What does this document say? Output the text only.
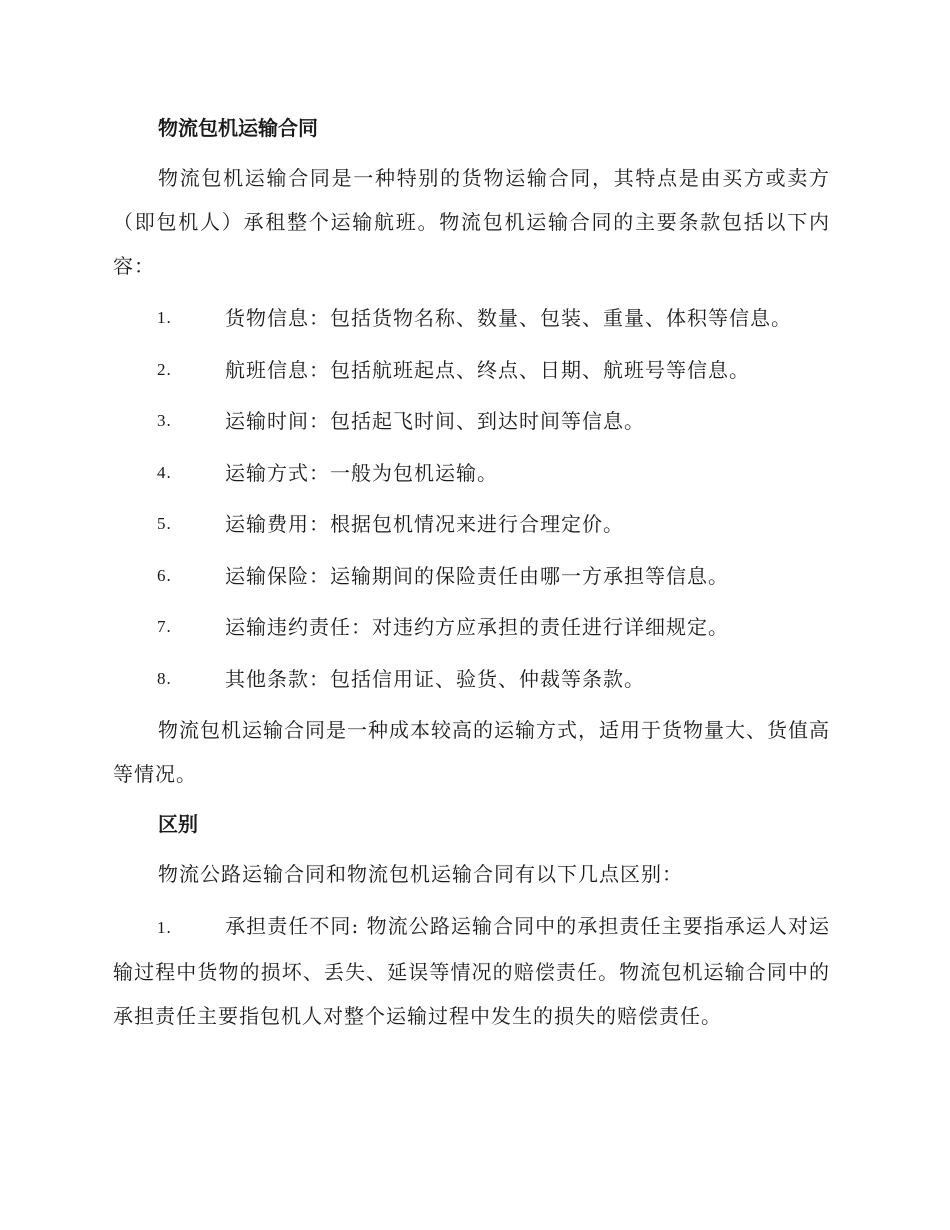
物流包机运输合同

物流包机运输合同是一种特别的货物运输合同，其特点是由买方或卖方（即包机人）承租整个运输航班。物流包机运输合同的主要条款包括以下内容：

1.	货物信息：包括货物名称、数量、包装、重量、体积等信息。
2.	航班信息：包括航班起点、终点、日期、航班号等信息。
3.	运输时间：包括起飞时间、到达时间等信息。
4.	运输方式：一般为包机运输。
5.	运输费用：根据包机情况来进行合理定价。
6.	运输保险：运输期间的保险责任由哪一方承担等信息。
7.	运输违约责任：对违约方应承担的责任进行详细规定。
8.	其他条款：包括信用证、验货、仲裁等条款。

物流包机运输合同是一种成本较高的运输方式，适用于货物量大、货值高等情况。

区别

物流公路运输合同和物流包机运输合同有以下几点区别：

1.	承担责任不同: 物流公路运输合同中的承担责任主要指承运人对运输过程中货物的损坏、丢失、延误等情况的赔偿责任。物流包机运输合同中的承担责任主要指包机人对整个运输过程中发生的损失的赔偿责任。
